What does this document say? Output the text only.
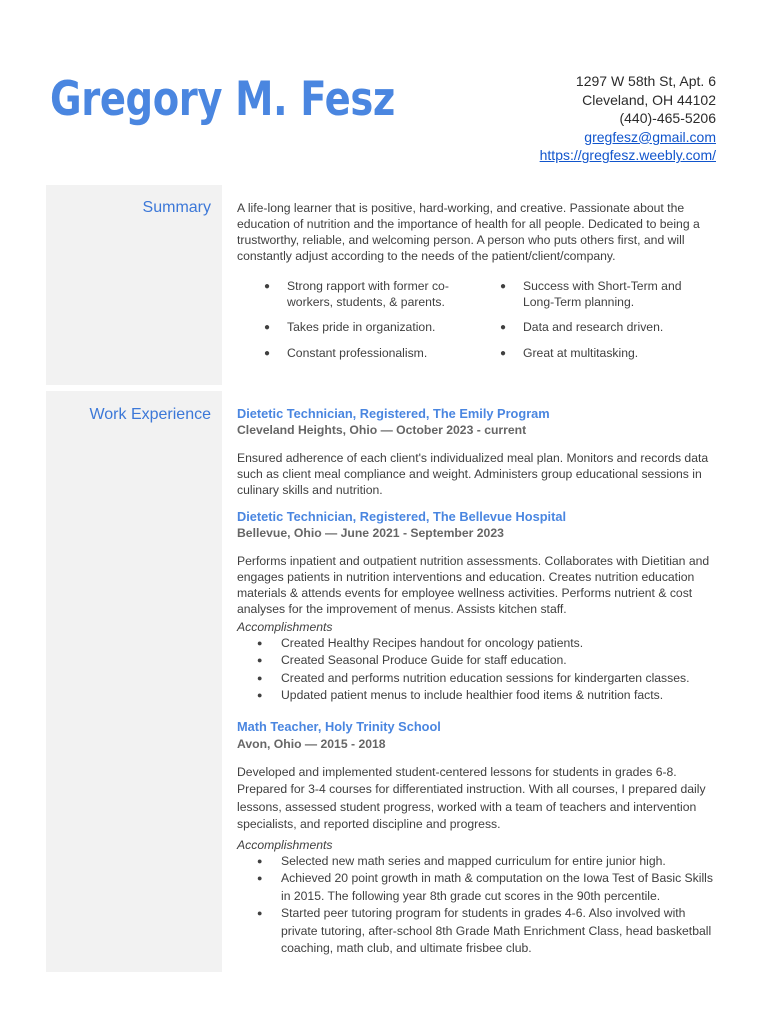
Gregory M. Fesz	1297 W 58th St, Apt. 6
Cleveland, OH 44102
(440)-465-5206
gregfesz@gmail.com
https://gregfesz.weebly.com/
Summary A life-long learner that is positive, hard-working, and creative. Passionate about the education of nutrition and the importance of health for all people. Dedicated to being a trustworthy, reliable, and welcoming person. A person who puts others first, and will constantly adjust according to the needs of the patient/client/company.
● Strong rapport with former co-workers, students, & parents.
● Success with Short-Term and Long-Term planning.
● Takes pride in organization.	● Data and research driven.
● Constant professionalism.	● Great at multitasking.
Work Experience Dietetic Technician, Registered, The Emily Program
Cleveland Heights, Ohio — October 2023 - current
Ensured adherence of each client's individualized meal plan. Monitors and records data such as client meal compliance and weight. Administers group educational sessions in culinary skills and nutrition.
Dietetic Technician, Registered, The Bellevue Hospital
Bellevue, Ohio — June 2021 - September 2023
Performs inpatient and outpatient nutrition assessments. Collaborates with Dietitian and engages patients in nutrition interventions and education. Creates nutrition education materials & attends events for employee wellness activities. Performs nutrient & cost analyses for the improvement of menus. Assists kitchen staff.
Accomplishments
● Created Healthy Recipes handout for oncology patients.
● Created Seasonal Produce Guide for staff education.
● Created and performs nutrition education sessions for kindergarten classes.
● Updated patient menus to include healthier food items & nutrition facts.
Math Teacher, Holy Trinity School
Avon, Ohio — 2015 - 2018
Developed and implemented student-centered lessons for students in grades 6-8. Prepared for 3-4 courses for differentiated instruction. With all courses, I prepared daily lessons, assessed student progress, worked with a team of teachers and intervention specialists, and reported discipline and progress.
Accomplishments
● Selected new math series and mapped curriculum for entire junior high.
● Achieved 20 point growth in math & computation on the Iowa Test of Basic Skills in 2015. The following year 8th grade cut scores in the 90th percentile.
● Started peer tutoring program for students in grades 4-6. Also involved with private tutoring, after-school 8th Grade Math Enrichment Class, head basketball coaching, math club, and ultimate frisbee club.
